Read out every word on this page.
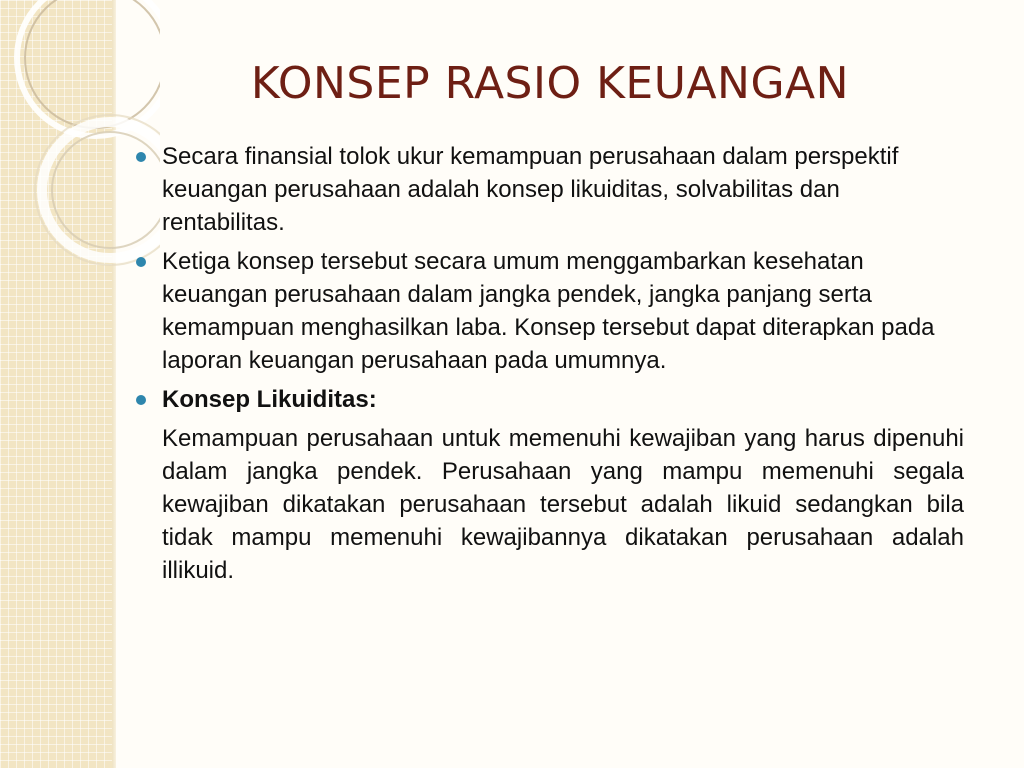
KONSEP RASIO KEUANGAN
Secara finansial tolok ukur kemampuan perusahaan dalam perspektif keuangan perusahaan adalah konsep likuiditas, solvabilitas dan rentabilitas.
Ketiga konsep tersebut secara umum menggambarkan kesehatan keuangan perusahaan dalam jangka pendek, jangka panjang serta kemampuan menghasilkan laba. Konsep tersebut dapat diterapkan pada laporan keuangan perusahaan pada umumnya.
Konsep Likuiditas:
Kemampuan perusahaan untuk memenuhi kewajiban yang harus dipenuhi dalam jangka pendek. Perusahaan yang mampu memenuhi segala kewajiban dikatakan perusahaan tersebut adalah likuid sedangkan bila tidak mampu memenuhi kewajibannya dikatakan perusahaan adalah illikuid.
